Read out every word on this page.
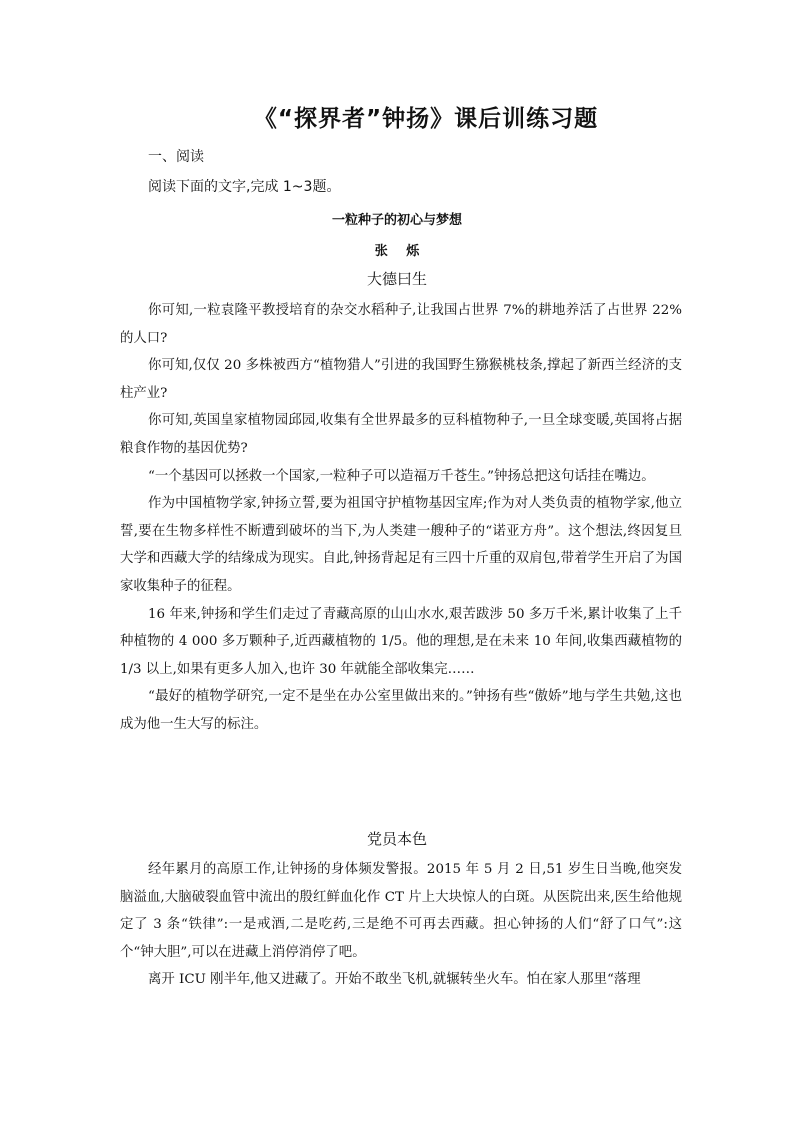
《“探界者”钟扬》课后训练习题
一、阅读
阅读下面的文字,完成 1~3题。
一粒种子的初心与梦想
张 烁
大德曰生

你可知,一粒袁隆平教授培育的杂交水稻种子,让我国占世界 7%的耕地养活了占世界 22%的人口?

你可知,仅仅 20 多株被西方“植物猎人”引进的我国野生猕猴桃枝条,撑起了新西兰经济的支柱产业?

你可知,英国皇家植物园邱园,收集有全世界最多的豆科植物种子,一旦全球变暖,英国将占据粮食作物的基因优势?

“一个基因可以拯救一个国家,一粒种子可以造福万千苍生。”钟扬总把这句话挂在嘴边。

作为中国植物学家,钟扬立誓,要为祖国守护植物基因宝库;作为对人类负责的植物学家,他立誓,要在生物多样性不断遭到破坏的当下,为人类建一艘种子的“诺亚方舟”。这个想法,终因复旦大学和西藏大学的结缘成为现实。自此,钟扬背起足有三四十斤重的双肩包,带着学生开启了为国家收集种子的征程。

16 年来,钟扬和学生们走过了青藏高原的山山水水,艰苦跋涉 50 多万千米,累计收集了上千种植物的 4 000 多万颗种子,近西藏植物的 1/5。他的理想,是在未来 10 年间,收集西藏植物的 1/3 以上,如果有更多人加入,也许 30 年就能全部收集完……

“最好的植物学研究,一定不是坐在办公室里做出来的。”钟扬有些“傲娇”地与学生共勉,这也成为他一生大写的标注。

党员本色

经年累月的高原工作,让钟扬的身体频发警报。2015 年 5 月 2 日,51 岁生日当晚,他突发脑溢血,大脑破裂血管中流出的殷红鲜血化作 CT 片上大块惊人的白斑。从医院出来,医生给他规定了 3 条“铁律”:一是戒酒,二是吃药,三是绝不可再去西藏。担心钟扬的人们“舒了口气”:这个“钟大胆”,可以在进藏上消停消停了吧。

离开 ICU 刚半年,他又进藏了。开始不敢坐飞机,就辗转坐火车。怕在家人那里“落理
